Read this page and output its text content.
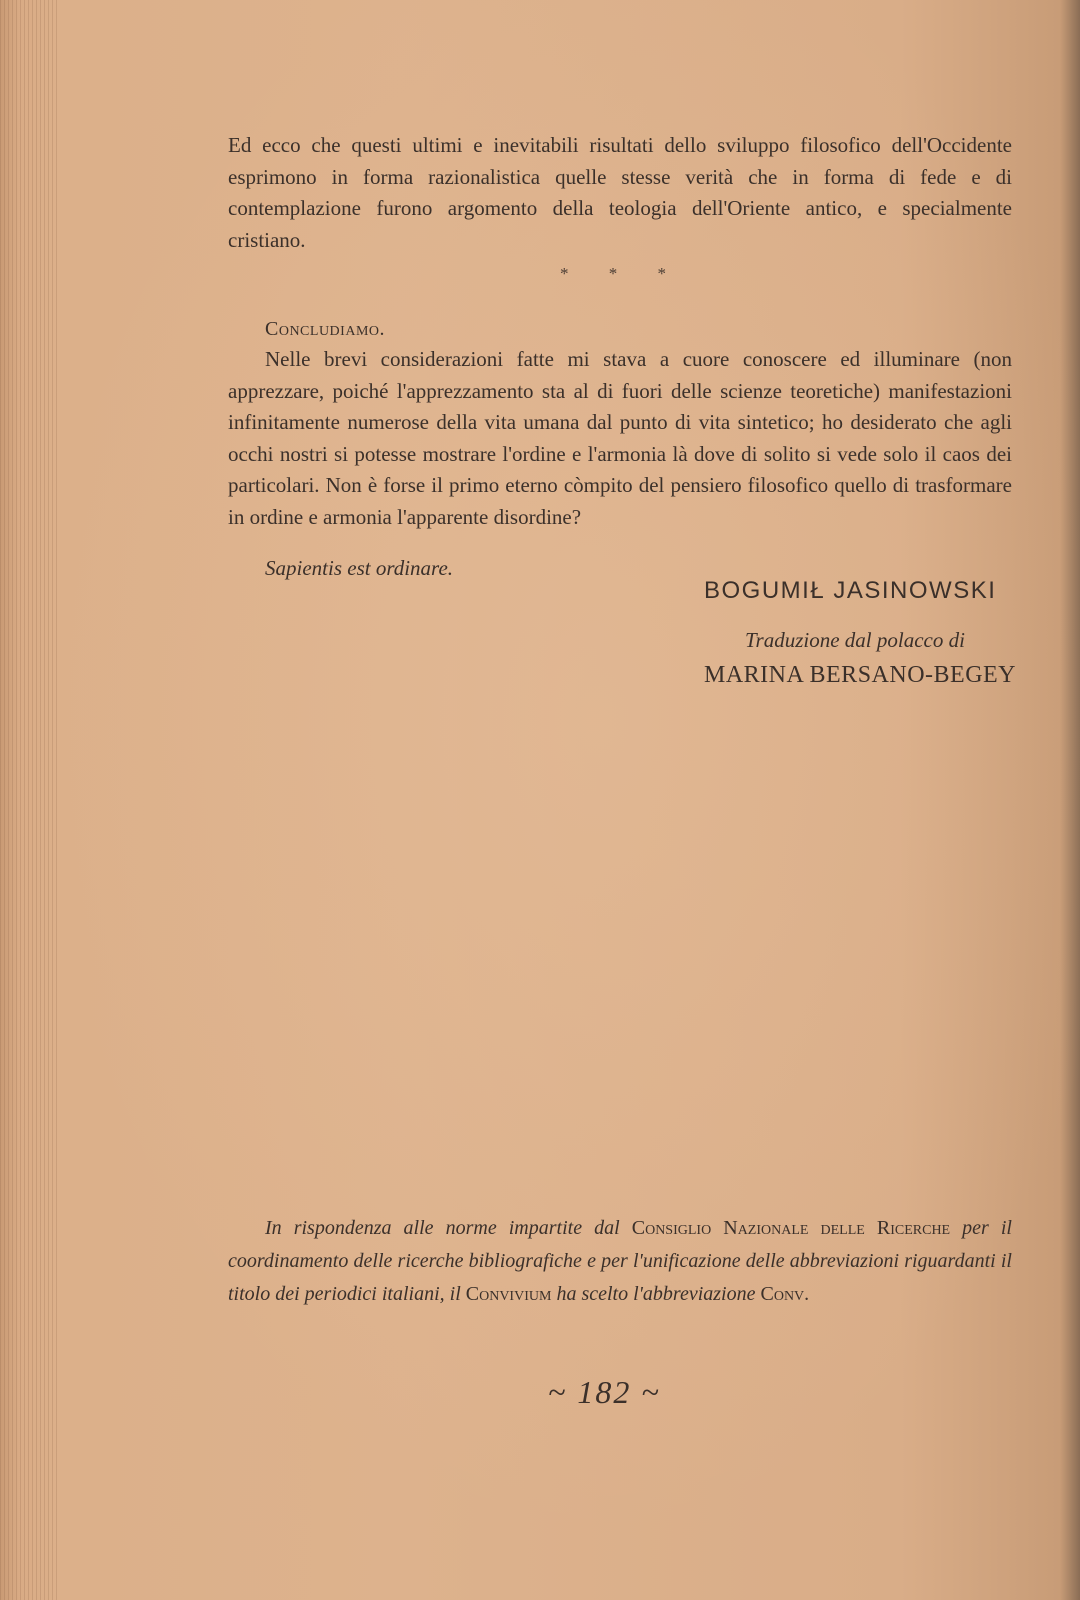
Ed ecco che questi ultimi e inevitabili risultati dello sviluppo filosofico dell'Occidente esprimono in forma razionalistica quelle stesse verità che in forma di fede e di contemplazione furono argomento della teologia dell'Oriente antico, e specialmente cristiano.
* * *
Concludiamo.
Nelle brevi considerazioni fatte mi stava a cuore conoscere ed illuminare (non apprezzare, poiché l'apprezzamento sta al di fuori delle scienze teoretiche) manifestazioni infinitamente numerose della vita umana dal punto di vita sintetico; ho desiderato che agli occhi nostri si potesse mostrare l'ordine e l'armonia là dove di solito si vede solo il caos dei particolari. Non è forse il primo eterno còmpito del pensiero filosofico quello di trasformare in ordine e armonia l'apparente disordine?
Sapientis est ordinare.
BOGUMIŁ JASINOWSKI
Traduzione dal polacco di
MARINA BERSANO-BEGEY
In rispondenza alle norme impartite dal Consiglio Nazionale delle Ricerche per il coordinamento delle ricerche bibliografiche e per l'unificazione delle abbreviazioni riguardanti il titolo dei periodici italiani, il Convivium ha scelto l'abbreviazione Conv.
~ 182 ~
